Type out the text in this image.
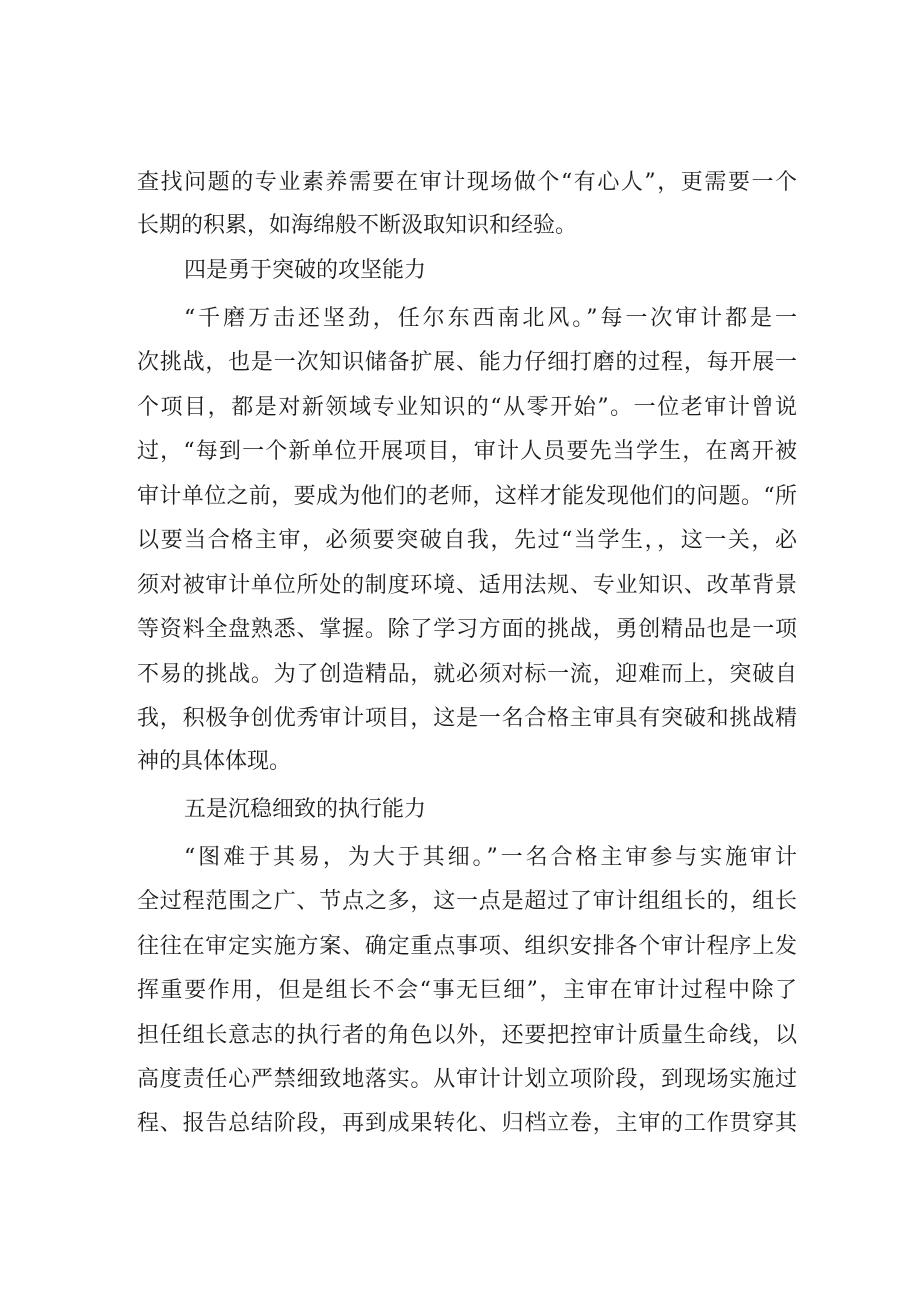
查找问题的专业素养需要在审计现场做个“有心人”，更需要一个
长期的积累，如海绵般不断汲取知识和经验。
四是勇于突破的攻坚能力
“千磨万击还坚劲，任尔东西南北风。”每一次审计都是一
次挑战，也是一次知识储备扩展、能力仔细打磨的过程，每开展一
个项目，都是对新领域专业知识的“从零开始”。一位老审计曾说
过，“每到一个新单位开展项目，审计人员要先当学生，在离开被
审计单位之前，要成为他们的老师，这样才能发现他们的问题。“所
以要当合格主审，必须要突破自我，先过“当学生，，这一关，必
须对被审计单位所处的制度环境、适用法规、专业知识、改革背景
等资料全盘熟悉、掌握。除了学习方面的挑战，勇创精品也是一项
不易的挑战。为了创造精品，就必须对标一流，迎难而上，突破自
我，积极争创优秀审计项目，这是一名合格主审具有突破和挑战精
神的具体体现。
五是沉稳细致的执行能力
“图难于其易，为大于其细。”一名合格主审参与实施审计
全过程范围之广、节点之多，这一点是超过了审计组组长的，组长
往往在审定实施方案、确定重点事项、组织安排各个审计程序上发
挥重要作用，但是组长不会“事无巨细”，主审在审计过程中除了
担任组长意志的执行者的角色以外，还要把控审计质量生命线，以
高度责任心严禁细致地落实。从审计计划立项阶段，到现场实施过
程、报告总结阶段，再到成果转化、归档立卷，主审的工作贯穿其
